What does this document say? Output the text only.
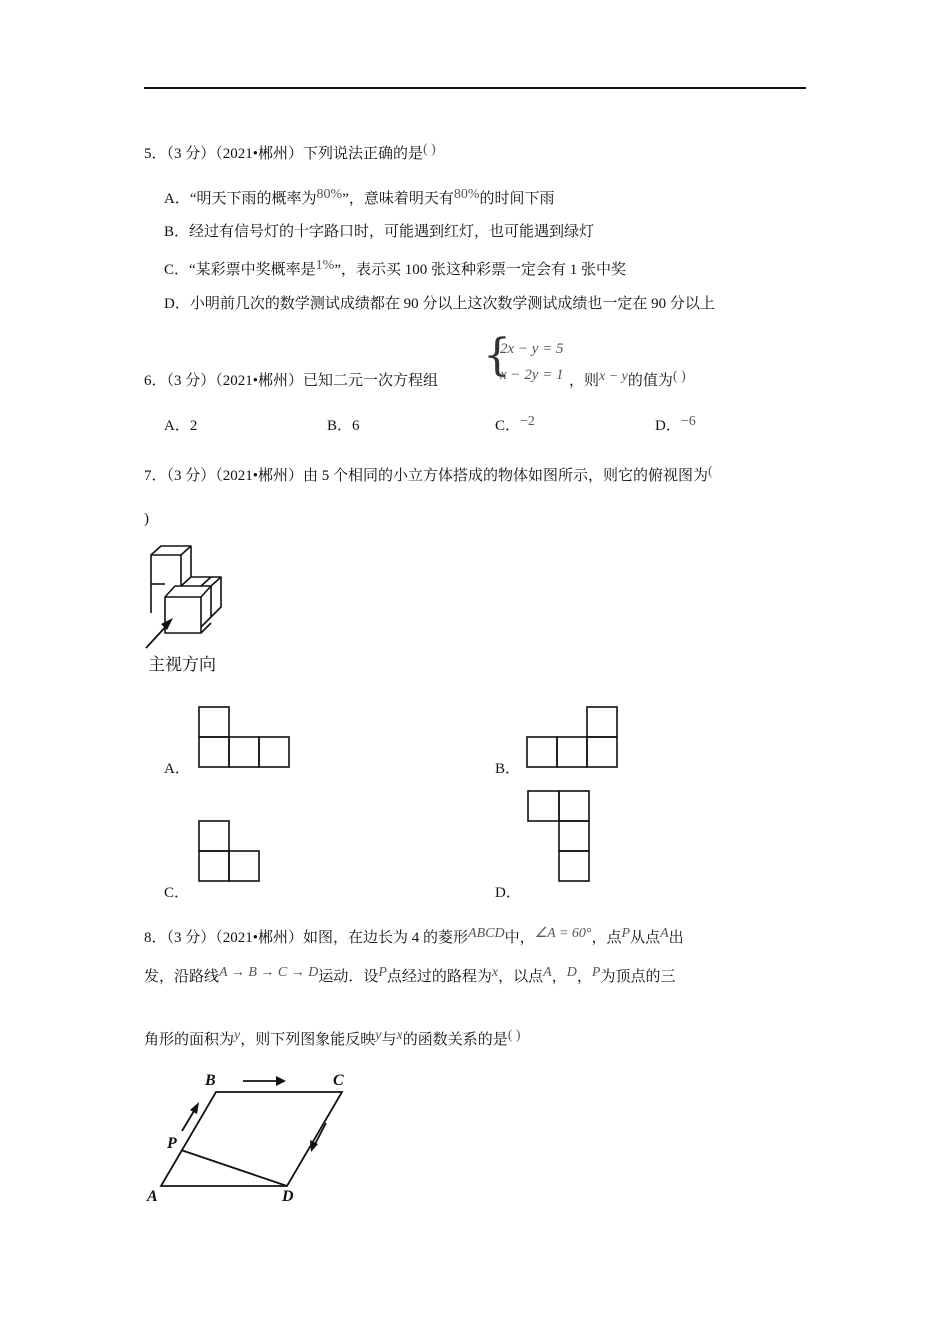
5．（3 分）（2021•郴州）下列说法正确的是( )
A．“明天下雨的概率为80%”，意味着明天有80%的时间下雨
B．经过有信号灯的十字路口时，可能遇到红灯，也可能遇到绿灯
C．“某彩票中奖概率是1%”，表示买 100 张这种彩票一定会有 1 张中奖
D．小明前几次的数学测试成绩都在 90 分以上这次数学测试成绩也一定在 90 分以上
6．（3 分）（2021•郴州）已知二元一次方程组 {
2x − y = 5
x − 2y = 1 ，则x − y的值为( )
A．2	B．6	C．−2	D．−6
7．（3 分）（2021•郴州）由 5 个相同的小立方体搭成的物体如图所示，则它的俯视图为(
)
主视方向
A．	B．
C．	D．
8．（3 分）（2021•郴州）如图，在边长为 4 的菱形ABCD中，∠A = 60°，点P从点A出
发，沿路线A → B → C → D运动．设P点经过的路程为x，以点A，D，P为顶点的三
角形的面积为y，则下列图象能反映y与x的函数关系的是( )
B	C
P
A	D
